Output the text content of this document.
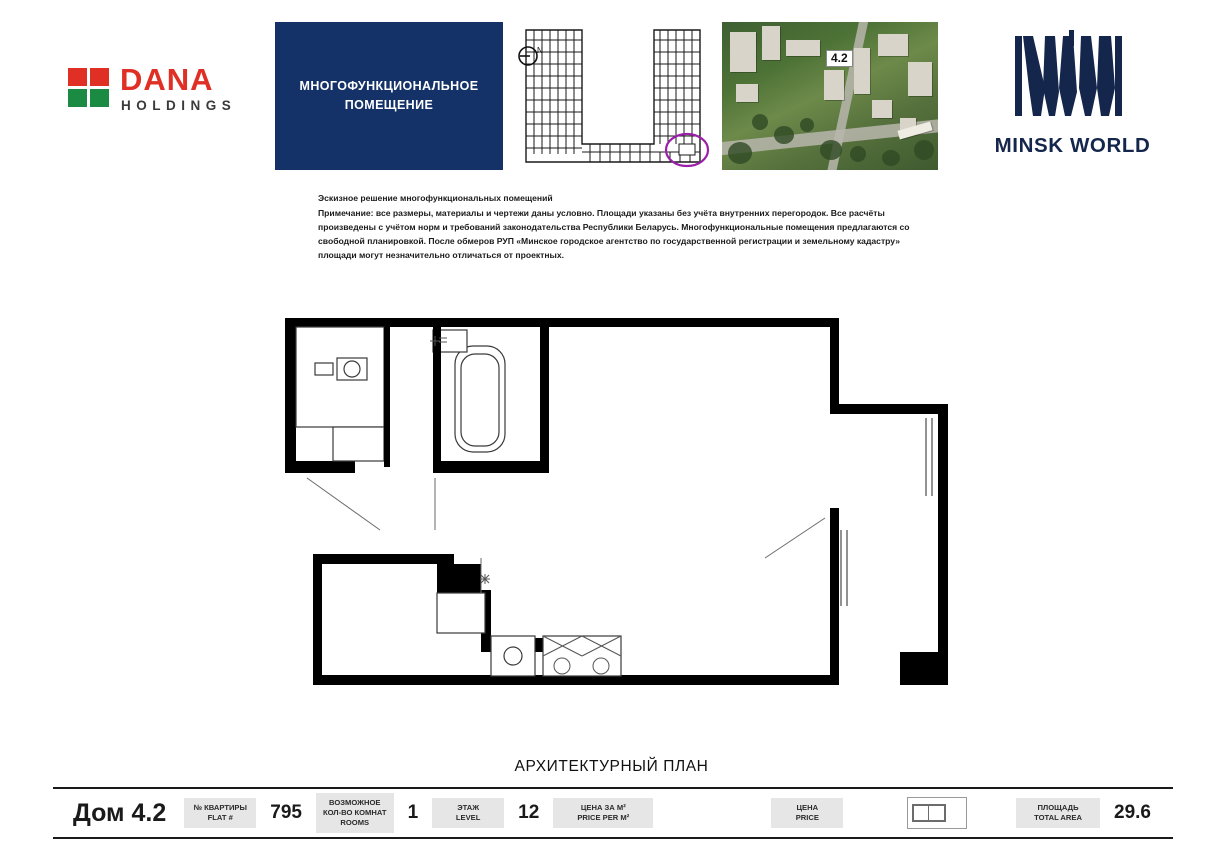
DANA
HOLDINGS
МНОГОФУНКЦИОНАЛЬНОЕ ПОМЕЩЕНИЕ
N
4.2
MINSK WORLD
Эскизное решение многофункциональных помещений
Примечание: все размеры, материалы и чертежи даны условно. Площади указаны без учёта внутренних перегородок. Все расчёты произведены с учётом норм и требований законодательства Республики Беларусь. Многофункциональные помещения предлагаются со свободной планировкой. После обмеров РУП «Минское городское агентство по государственной регистрации и земельному кадастру» площади могут незначительно отличаться от проектных.
АРХИТЕКТУРНЫЙ ПЛАН
Дом 4.2	№ КВАРТИРЫ
FLAT #	795	ВОЗМОЖНОЕ
КОЛ-ВО КОМНАТ
ROOMS	1	ЭТАЖ
LEVEL	12	ЦЕНА ЗА М²
PRICE PER M²
ЦЕНА
PRICE
ПЛОЩАДЬ
TOTAL AREA	29.6
